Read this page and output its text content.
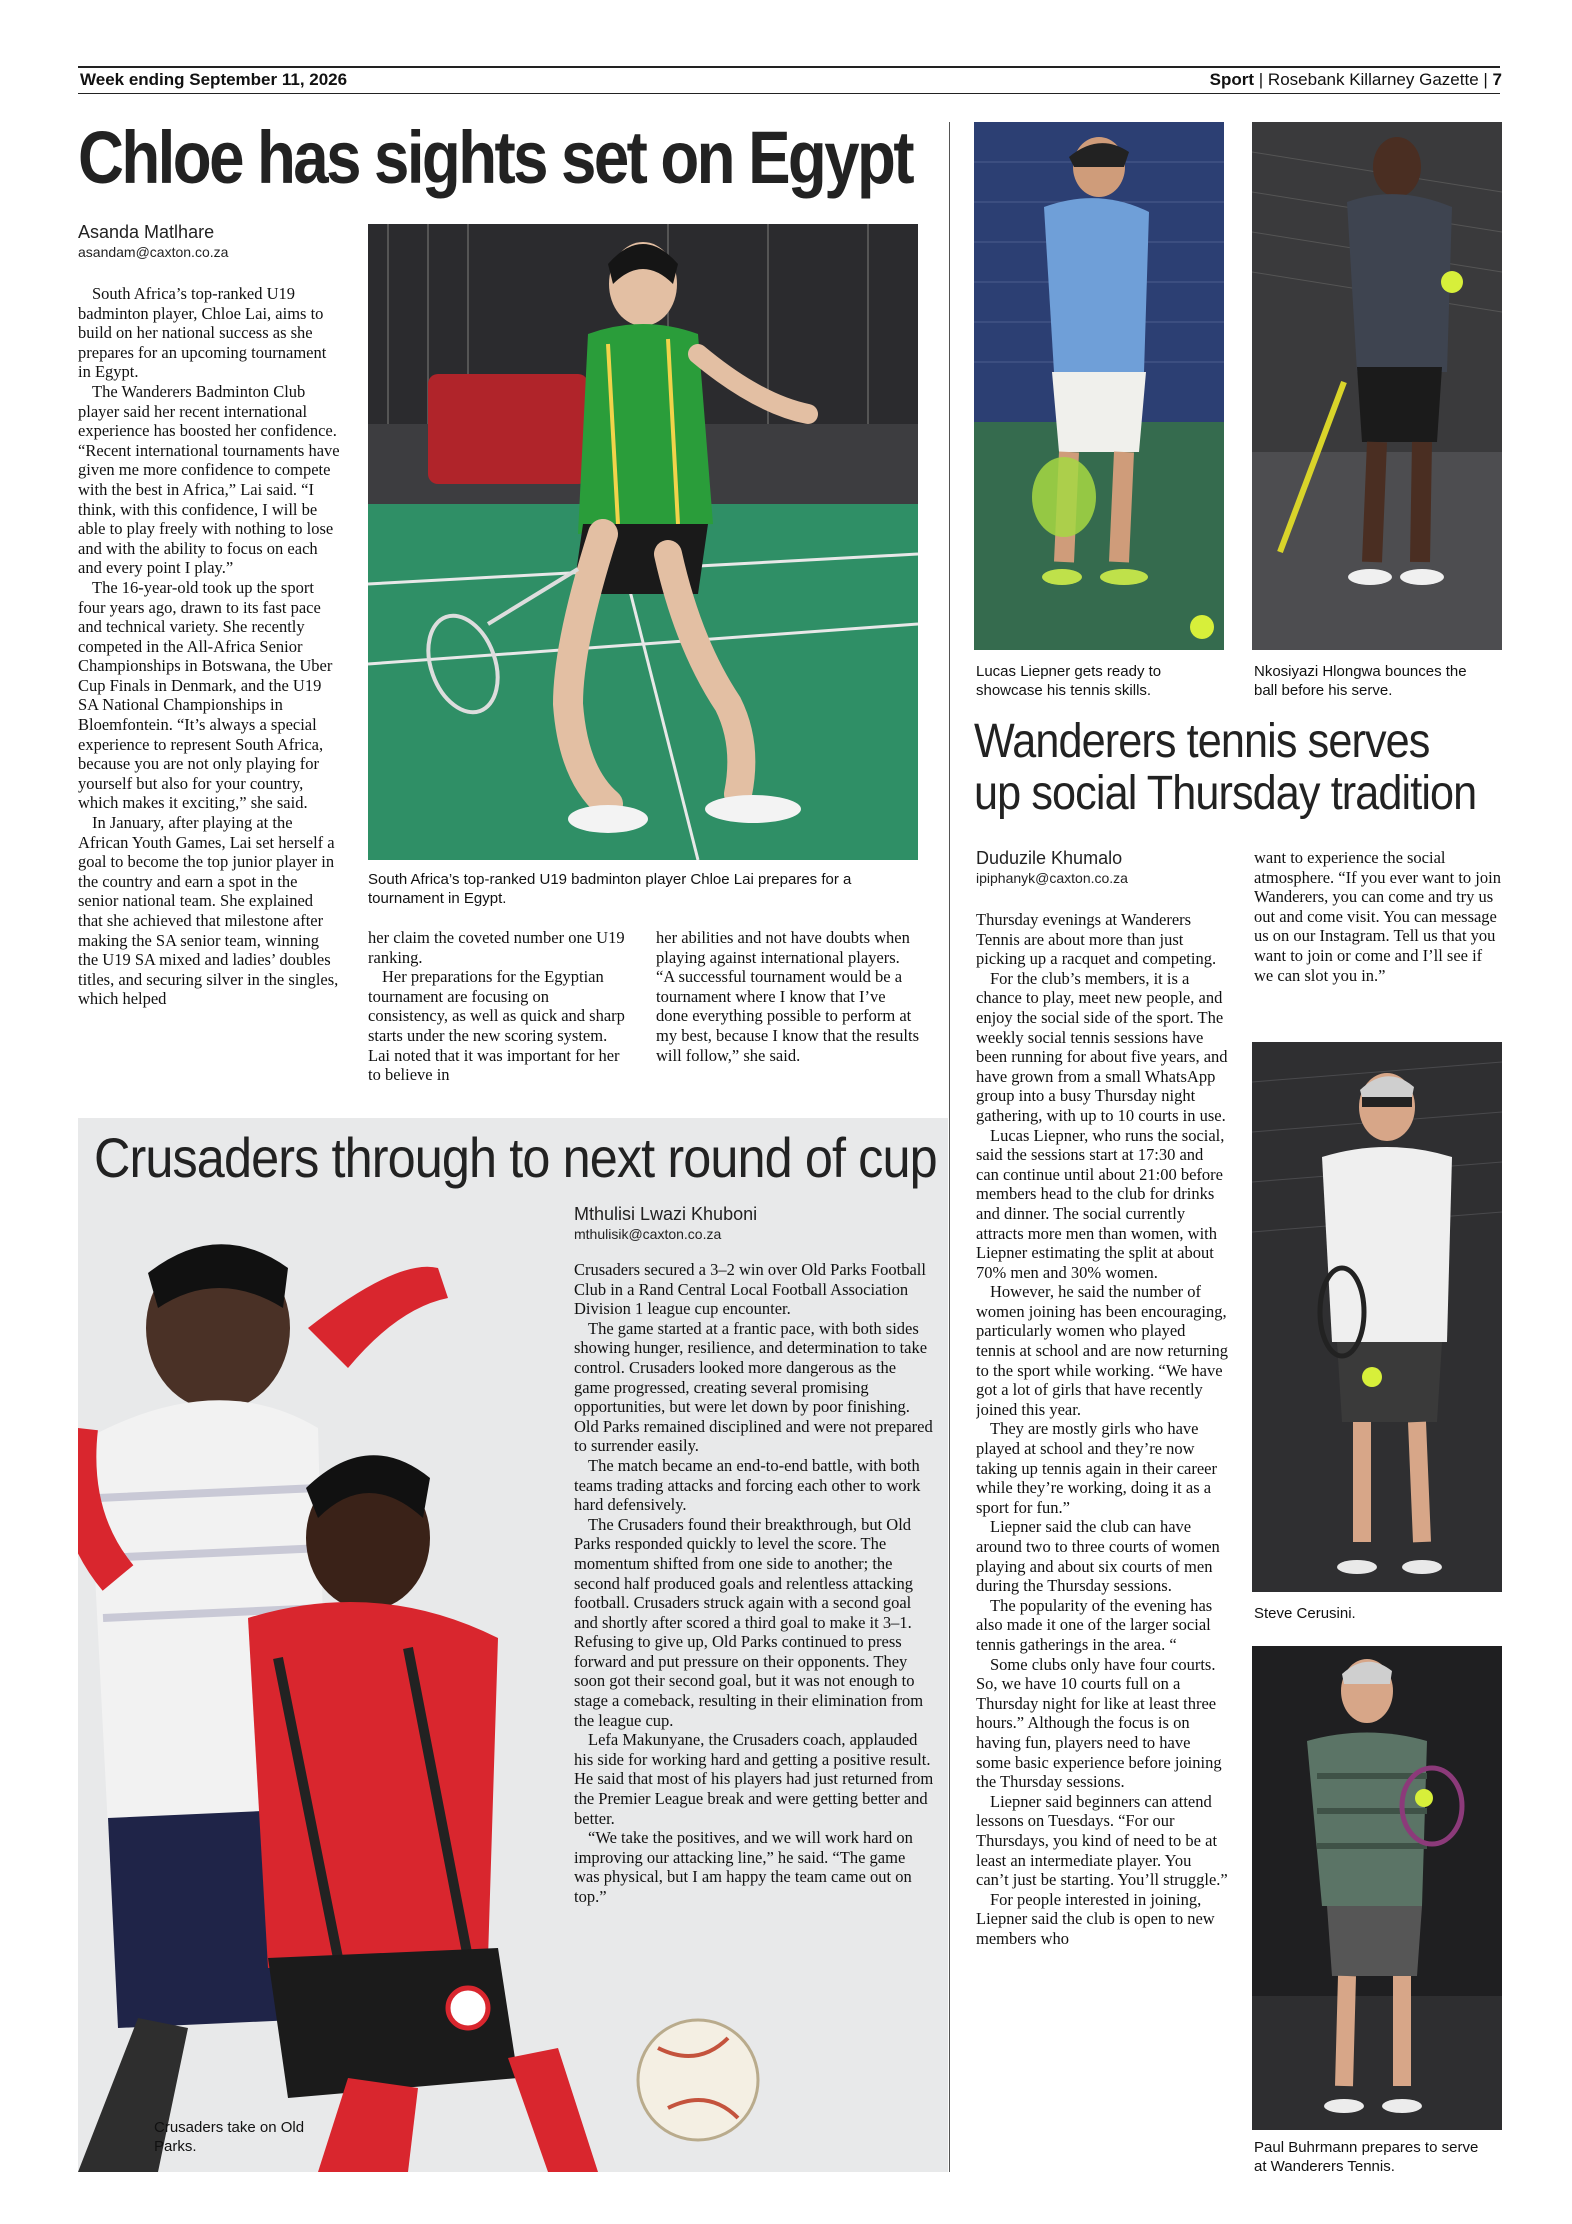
Week ending September 11, 2026	Sport | Rosebank Killarney Gazette | 7
Chloe has sights set on Egypt
Asanda Matlhare
asandam@caxton.co.za

South Africa’s top-ranked U19 badminton player, Chloe Lai, aims to build on her national success as she prepares for an upcoming tournament in Egypt.

The Wanderers Badminton Club player said her recent international experience has boosted her confidence. “Recent international tournaments have given me more confidence to compete with the best in Africa,” Lai said. “I think, with this confidence, I will be able to play freely with nothing to lose and with the ability to focus on each and every point I play.”

The 16-year-old took up the sport four years ago, drawn to its fast pace and technical variety. She recently competed in the All-Africa Senior Championships in Botswana, the Uber Cup Finals in Denmark, and the U19 SA National Championships in Bloemfontein. “It’s always a special experience to represent South Africa, because you are not only playing for yourself but also for your country, which makes it exciting,” she said.

In January, after playing at the African Youth Games, Lai set herself a goal to become the top junior player in the country and earn a spot in the senior national team. She explained that she achieved that milestone after making the SA senior team, winning the U19 SA mixed and ladies’ doubles titles, and securing silver in the singles, which helped

South Africa’s top-ranked U19 badminton player Chloe Lai prepares for a tournament in Egypt.

her claim the coveted number one U19 ranking.

Her preparations for the Egyptian tournament are focusing on consistency, as well as quick and sharp starts under the new scoring system. Lai noted that it was important for her to believe in

her abilities and not have doubts when playing against international players. “A successful tournament would be a tournament where I know that I’ve done everything possible to perform at my best, because I know that the results will follow,” she said.

Crusaders through to next round of cup
Mthulisi Lwazi Khuboni
mthulisik@caxton.co.za

Crusaders secured a 3–2 win over Old Parks Football Club in a Rand Central Local Football Association Division 1 league cup encounter.

The game started at a frantic pace, with both sides showing hunger, resilience, and determination to take control. Crusaders looked more dangerous as the game progressed, creating several promising opportunities, but were let down by poor finishing. Old Parks remained disciplined and were not prepared to surrender easily.

The match became an end-to-end battle, with both teams trading attacks and forcing each other to work hard defensively.

The Crusaders found their breakthrough, but Old Parks responded quickly to level the score. The momentum shifted from one side to another; the second half produced goals and relentless attacking football. Crusaders struck again with a second goal and shortly after scored a third goal to make it 3–1. Refusing to give up, Old Parks continued to press forward and put pressure on their opponents. They soon got their second goal, but it was not enough to stage a comeback, resulting in their elimination from the league cup.

Lefa Makunyane, the Crusaders coach, applauded his side for working hard and getting a positive result. He said that most of his players had just returned from the Premier League break and were getting better and better.

“We take the positives, and we will work hard on improving our attacking line,” he said. “The game was physical, but I am happy the team came out on top.”

Crusaders take on Old Parks.
Lucas Liepner gets ready to showcase his tennis skills.
Nkosiyazi Hlongwa bounces the ball before his serve.
Wanderers tennis serves up social Thursday tradition
Duduzile Khumalo
ipiphanyk@caxton.co.za

Thursday evenings at Wanderers Tennis are about more than just picking up a racquet and competing.

For the club’s members, it is a chance to play, meet new people, and enjoy the social side of the sport. The weekly social tennis sessions have been running for about five years, and have grown from a small WhatsApp group into a busy Thursday night gathering, with up to 10 courts in use.

Lucas Liepner, who runs the social, said the sessions start at 17:30 and can continue until about 21:00 before members head to the club for drinks and dinner. The social currently attracts more men than women, with Liepner estimating the split at about 70% men and 30% women.

However, he said the number of women joining has been encouraging, particularly women who played tennis at school and are now returning to the sport while working. “We have got a lot of girls that have recently joined this year.

They are mostly girls who have played at school and they’re now taking up tennis again in their career while they’re working, doing it as a sport for fun.”

Liepner said the club can have around two to three courts of women playing and about six courts of men during the Thursday sessions.

The popularity of the evening has also made it one of the larger social tennis gatherings in the area. “

Some clubs only have four courts. So, we have 10 courts full on a Thursday night for like at least three hours.” Although the focus is on having fun, players need to have some basic experience before joining the Thursday sessions.

Liepner said beginners can attend lessons on Tuesdays. “For our Thursdays, you kind of need to be at least an intermediate player. You can’t just be starting. You’ll struggle.”

For people interested in joining, Liepner said the club is open to new members who

want to experience the social atmosphere. “If you ever want to join Wanderers, you can come and try us out and come visit. You can message us on our Instagram. Tell us that you want to join or come and I’ll see if we can slot you in.”

Steve Cerusini.
Paul Buhrmann prepares to serve at Wanderers Tennis.
